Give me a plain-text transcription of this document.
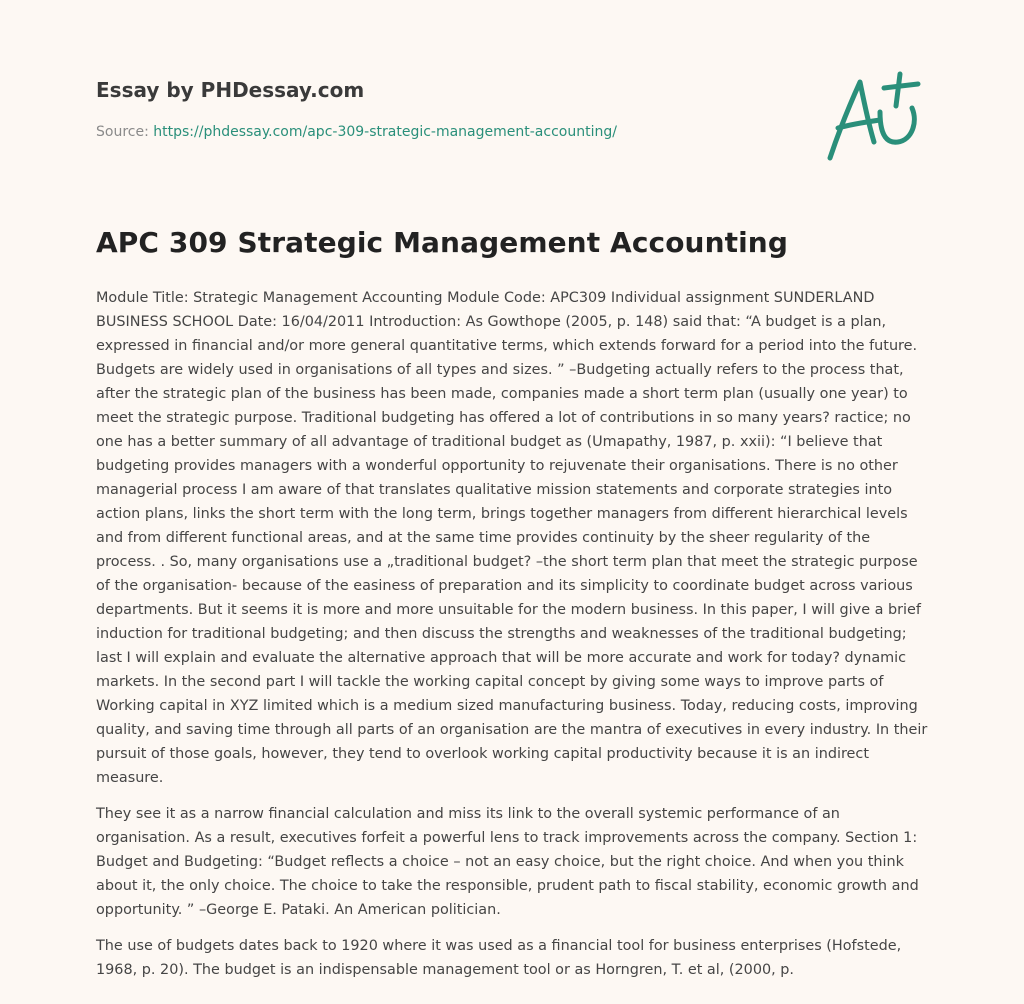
Essay by PHDessay.com
Source: https://phdessay.com/apc-309-strategic-management-accounting/
APC 309 Strategic Management Accounting

Module Title: Strategic Management Accounting Module Code: APC309 Individual assignment SUNDERLAND BUSINESS SCHOOL Date: 16/04/2011 Introduction: As Gowthope (2005, p. 148) said that: “A budget is a plan, expressed in financial and/or more general quantitative terms, which extends forward for a period into the future. Budgets are widely used in organisations of all types and sizes. ” –Budgeting actually refers to the process that, after the strategic plan of the business has been made, companies made a short term plan (usually one year) to meet the strategic purpose. Traditional budgeting has offered a lot of contributions in so many years? ractice; no one has a better summary of all advantage of traditional budget as (Umapathy, 1987, p. xxii): “I believe that budgeting provides managers with a wonderful opportunity to rejuvenate their organisations. There is no other managerial process I am aware of that translates qualitative mission statements and corporate strategies into action plans, links the short term with the long term, brings together managers from different hierarchical levels and from different functional areas, and at the same time provides continuity by the sheer regularity of the process. . So, many organisations use a „traditional budget? –the short term plan that meet the strategic purpose of the organisation- because of the easiness of preparation and its simplicity to coordinate budget across various departments. But it seems it is more and more unsuitable for the modern business. In this paper, I will give a brief induction for traditional budgeting; and then discuss the strengths and weaknesses of the traditional budgeting; last I will explain and evaluate the alternative approach that will be more accurate and work for today? dynamic markets. In the second part I will tackle the working capital concept by giving some ways to improve parts of Working capital in XYZ limited which is a medium sized manufacturing business. Today, reducing costs, improving quality, and saving time through all parts of an organisation are the mantra of executives in every industry. In their pursuit of those goals, however, they tend to overlook working capital productivity because it is an indirect measure.

They see it as a narrow financial calculation and miss its link to the overall systemic performance of an organisation. As a result, executives forfeit a powerful lens to track improvements across the company. Section 1: Budget and Budgeting: “Budget reflects a choice – not an easy choice, but the right choice. And when you think about it, the only choice. The choice to take the responsible, prudent path to fiscal stability, economic growth and opportunity. ” –George E. Pataki. An American politician.

The use of budgets dates back to 1920 where it was used as a financial tool for business enterprises (Hofstede, 1968, p. 20). The budget is an indispensable management tool or as Horngren, T. et al, (2000, p.
